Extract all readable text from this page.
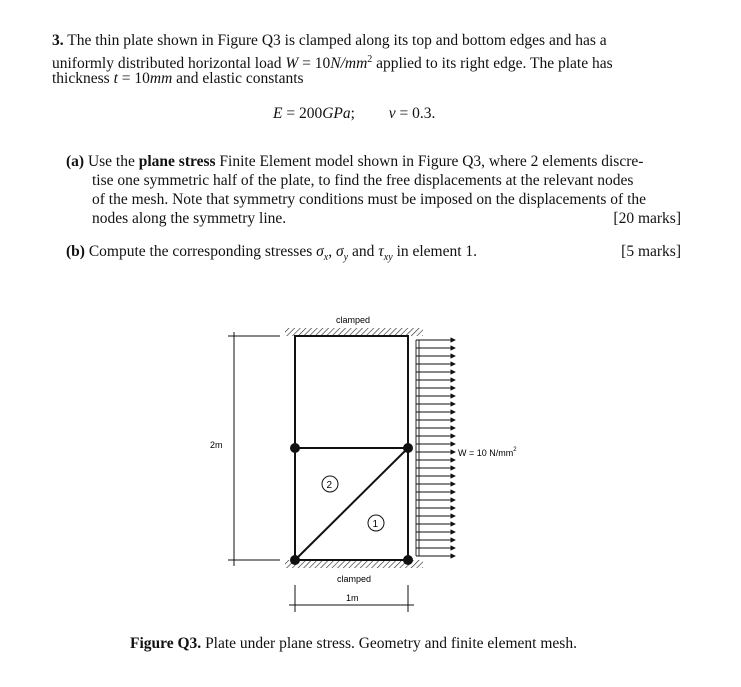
3. The thin plate shown in Figure Q3 is clamped along its top and bottom edges and has a
uniformly distributed horizontal load $W = 10N/mm^2$ applied to its right edge. The plate has
thickness t = 10mm and elastic constants
E = 200GPa; ν = 0.3.
(a) Use the plane stress Finite Element model shown in Figure Q3, where 2 elements discre-
tise one symmetric half of the plate, to find the free displacements at the relevant nodes
of the mesh. Note that symmetry conditions must be imposed on the displacements of the
nodes along the symmetry line.	[20 marks]
(b) Compute the corresponding stresses $\sigma_x$, $\sigma_y$ and $\tau_{xy}$ in element 1.	[5 marks]
clamped
clamped
2
1
2m
1m
W = 10 $N/mm^2$
Figure Q3. Plate under plane stress. Geometry and finite element mesh.
